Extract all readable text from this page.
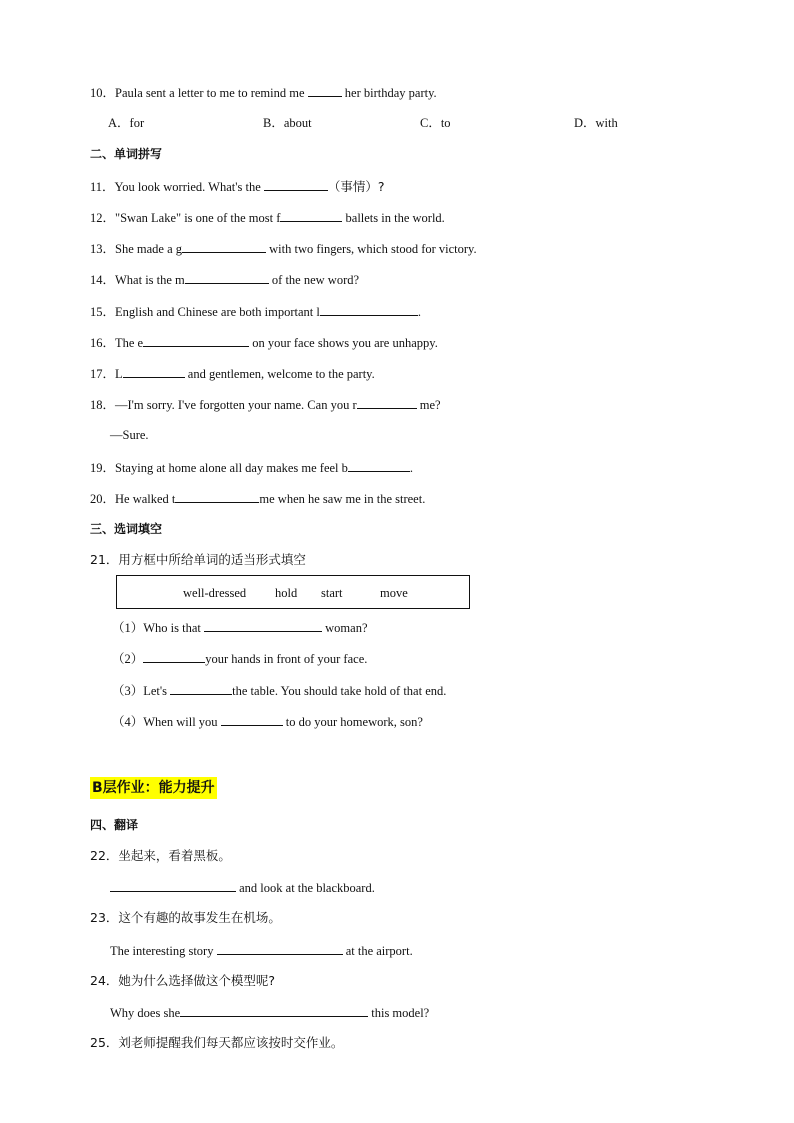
10．Paula sent a letter to me to remind me	her birthday party.
A．for	B．about	C．to	D．with
二、单词拼写
11．You look worried. What's the	（事情）?
12．"Swan Lake" is one of the most f	ballets in the world.
13．She made a g	with two fingers, which stood for victory.
14．What is the m	of the new word?
15．English and Chinese are both important l	.
16．The e	on your face shows you are unhappy.
17．L	and gentlemen, welcome to the party.
18．—I'm sorry. I've forgotten your name. Can you r	me?
—Sure.
19．Staying at home alone all day makes me feel b	.
20．He walked t	me when he saw me in the street.
三、选词填空
21．用方框中所给单词的适当形式填空
well-dressed hold start	move
（1）Who is that	woman?
（2）	your hands in front of your face.
（3）Let's	the table. You should take hold of that end.
（4）When will you	to do your homework, son?
B层作业：能力提升
四、翻译
22．坐起来，看着黑板。
and look at the blackboard.
23．这个有趣的故事发生在机场。
The interesting story	at the airport.
24．她为什么选择做这个模型呢?
Why does she	this model?
25．刘老师提醒我们每天都应该按时交作业。
